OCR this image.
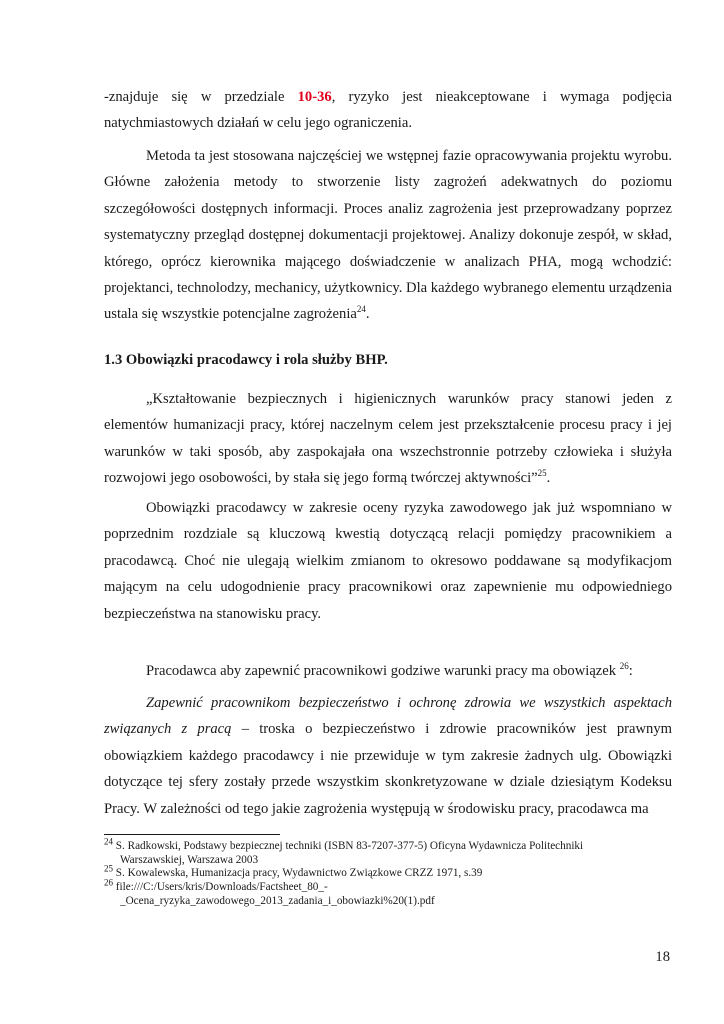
-znajduje się w przedziale 10-36, ryzyko jest nieakceptowane i wymaga podjęcia natychmiastowych działań w celu jego ograniczenia.

Metoda ta jest stosowana najczęściej we wstępnej fazie opracowywania projektu wyrobu. Główne założenia metody to stworzenie listy zagrożeń adekwatnych do poziomu szczegółowości dostępnych informacji. Proces analiz zagrożenia jest przeprowadzany poprzez systematyczny przegląd dostępnej dokumentacji projektowej. Analizy dokonuje zespół, w skład, którego, oprócz kierownika mającego doświadczenie w analizach PHA, mogą wchodzić: projektanci, technolodzy, mechanicy, użytkownicy. Dla każdego wybranego elementu urządzenia ustala się wszystkie potencjalne zagrożenia$^{24}$.

1.3 Obowiązki pracodawcy i rola służby BHP.

„Kształtowanie bezpiecznych i higienicznych warunków pracy stanowi jeden z elementów humanizacji pracy, której naczelnym celem jest przekształcenie procesu pracy i jej warunków w taki sposób, aby zaspokajała ona wszechstronnie potrzeby człowieka i służyła rozwojowi jego osobowości, by stała się jego formą twórczej aktywności”$^{25}$.

Obowiązki pracodawcy w zakresie oceny ryzyka zawodowego jak już wspomniano w poprzednim rozdziale są kluczową kwestią dotyczącą relacji pomiędzy pracownikiem a pracodawcą. Choć nie ulegają wielkim zmianom to okresowo poddawane są modyfikacjom mającym na celu udogodnienie pracy pracownikowi oraz zapewnienie mu odpowiedniego bezpieczeństwa na stanowisku pracy.

Pracodawca aby zapewnić pracownikowi godziwe warunki pracy ma obowiązek $^{26}$:

Zapewnić pracownikom bezpieczeństwo i ochronę zdrowia we wszystkich aspektach związanych z pracą – troska o bezpieczeństwo i zdrowie pracowników jest prawnym obowiązkiem każdego pracodawcy i nie przewiduje w tym zakresie żadnych ulg. Obowiązki dotyczące tej sfery zostały przede wszystkim skonkretyzowane w dziale dziesiątym Kodeksu Pracy. W zależności od tego jakie zagrożenia występują w środowisku pracy, pracodawca ma

$^{24}$ S. Radkowski, Podstawy bezpiecznej techniki (ISBN 83-7207-377-5) Oficyna Wydawnicza Politechniki
Warszawskiej, Warszawa 2003

$^{25}$ S. Kowalewska, Humanizacja pracy, Wydawnictwo Związkowe CRZZ 1971, s.39

$^{26}$ file:///C:/Users/kris/Downloads/Factsheet_80_-
_Ocena_ryzyka_zawodowego_2013_zadania_i_obowiazki%20(1).pdf

18
